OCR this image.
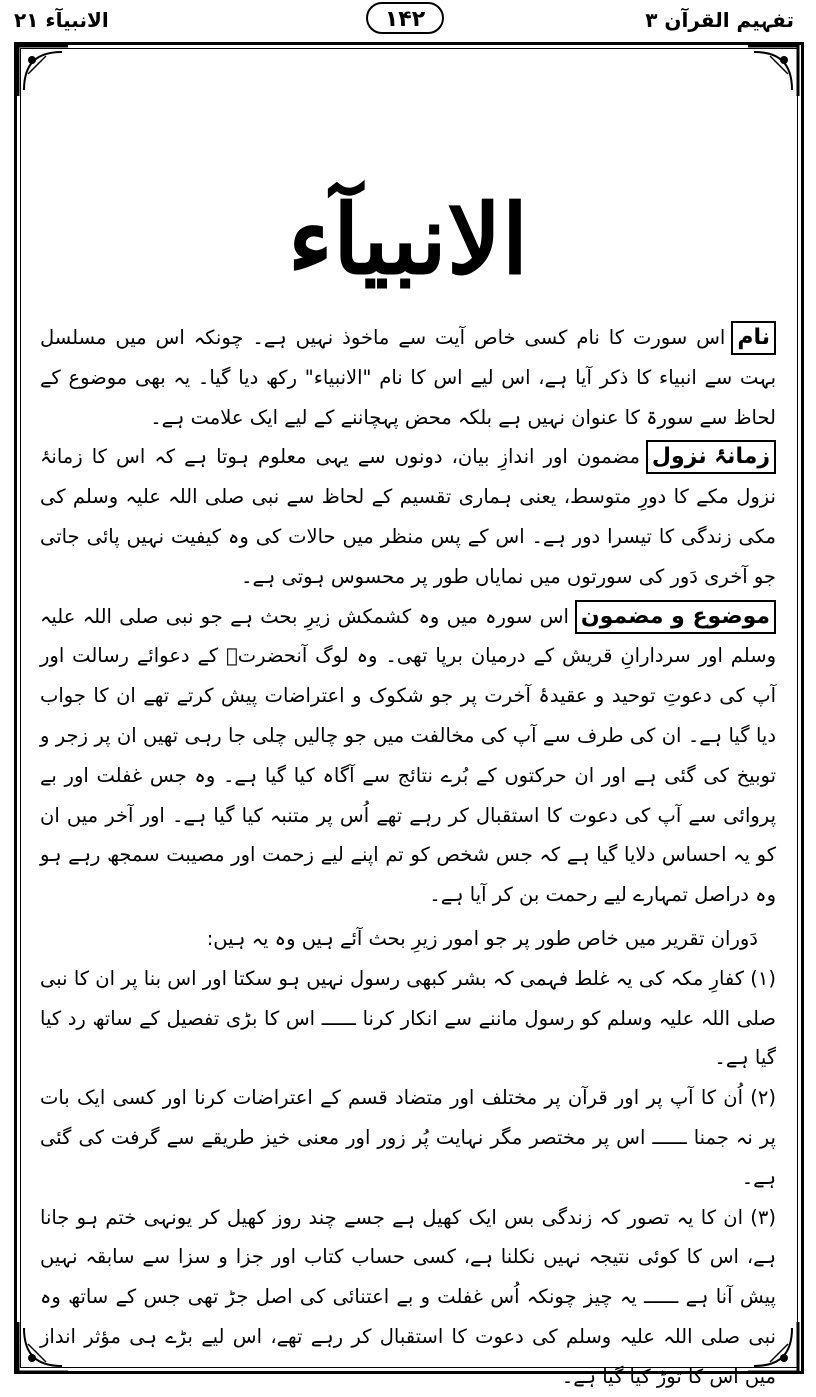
تفہیم القرآن ۳
۱۴۲
الانبیآء ۲۱
الانبیآء

ناماس سورت کا نام کسی خاص آیت سے ماخوذ نہیں ہے۔ چونکہ اس میں مسلسل بہت سے انبیاء کا ذکر آیا ہے، اس لیے اس کا نام "الانبیاء" رکھ دیا گیا۔ یہ بھی موضوع کے لحاظ سے سورۃ کا عنوان نہیں ہے بلکہ محض پہچاننے کے لیے ایک علامت ہے۔

زمانۂ نزولمضمون اور اندازِ بیان، دونوں سے یہی معلوم ہوتا ہے کہ اس کا زمانۂ نزول مکے کا دورِ متوسط، یعنی ہماری تقسیم کے لحاظ سے نبی صلی اللہ علیہ وسلم کی مکی زندگی کا تیسرا دور ہے۔ اس کے پس منظر میں حالات کی وہ کیفیت نہیں پائی جاتی جو آخری دَور کی سورتوں میں نمایاں طور پر محسوس ہوتی ہے۔

موضوع و مضموناس سورہ میں وہ کشمکش زیرِ بحث ہے جو نبی صلی اللہ علیہ وسلم اور سردارانِ قریش کے درمیان برپا تھی۔ وہ لوگ آنحضرتؐ کے دعوائے رسالت اور آپ کی دعوتِ توحید و عقیدۂ آخرت پر جو شکوک و اعتراضات پیش کرتے تھے ان کا جواب دیا گیا ہے۔ ان کی طرف سے آپ کی مخالفت میں جو چالیں چلی جا رہی تھیں ان پر زجر و توبیخ کی گئی ہے اور ان حرکتوں کے بُرے نتائج سے آگاہ کیا گیا ہے۔ وہ جس غفلت اور بے پروائی سے آپ کی دعوت کا استقبال کر رہے تھے اُس پر متنبہ کیا گیا ہے۔ اور آخر میں ان کو یہ احساس دلایا گیا ہے کہ جس شخص کو تم اپنے لیے زحمت اور مصیبت سمجھ رہے ہو وہ دراصل تمہارے لیے رحمت بن کر آیا ہے۔

دَوران تقریر میں خاص طور پر جو امور زیرِ بحث آئے ہیں وہ یہ ہیں:

(۱) کفارِ مکہ کی یہ غلط فہمی کہ بشر کبھی رسول نہیں ہو سکتا اور اس بنا پر ان کا نبی صلی اللہ علیہ وسلم کو رسول ماننے سے انکار کرنا ــــــ اس کا بڑی تفصیل کے ساتھ رد کیا گیا ہے۔

(۲) اُن کا آپ پر اور قرآن پر مختلف اور متضاد قسم کے اعتراضات کرنا اور کسی ایک بات پر نہ جمنا ــــــ اس پر مختصر مگر نہایت پُر زور اور معنی خیز طریقے سے گرفت کی گئی ہے۔

(۳) ان کا یہ تصور کہ زندگی بس ایک کھیل ہے جسے چند روز کھیل کر یونہی ختم ہو جانا ہے، اس کا کوئی نتیجہ نہیں نکلنا ہے، کسی حساب کتاب اور جزا و سزا سے سابقہ نہیں پیش آنا ہے ــــــ یہ چیز چونکہ اُس غفلت و بے اعتنائی کی اصل جڑ تھی جس کے ساتھ وہ نبی صلی اللہ علیہ وسلم کی دعوت کا استقبال کر رہے تھے، اس لیے بڑے ہی مؤثر انداز میں اس کا توڑ کیا گیا ہے۔
